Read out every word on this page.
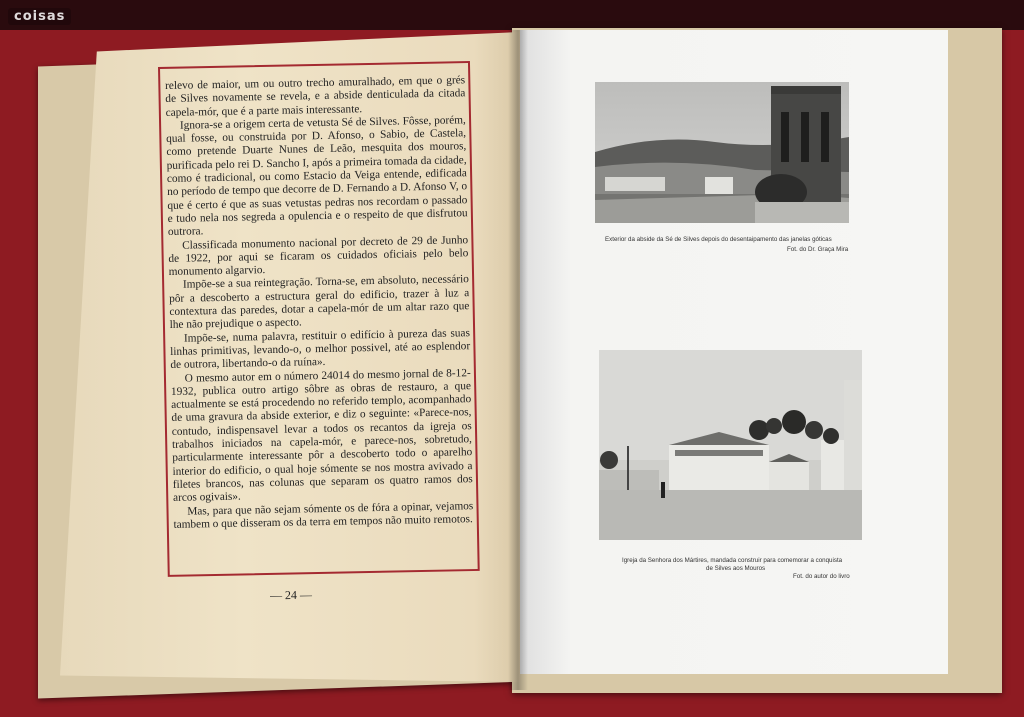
coisas

relevo de maior, um ou outro trecho amuralhado, em que o grés de Silves novamente se revela, e a abside denticulada da citada capela-mór, que é a parte mais interessante.

Ignora-se a origem certa de vetusta Sé de Silves. Fôsse, porém, qual fosse, ou construida por D. Afonso, o Sabio, de Castela, como pretende Duarte Nunes de Leão, mesquita dos mouros, purificada pelo rei D. Sancho I, após a primeira tomada da cidade, como é tradicional, ou como Estacio da Veiga entende, edificada no período de tempo que decorre de D. Fernando a D. Afonso V, o que é certo é que as suas vetustas pedras nos recordam o passado e tudo nela nos segreda a opulencia e o respeito de que disfrutou outrora.

Classificada monumento nacional por decreto de 29 de Junho de 1922, por aqui se ficaram os cuidados oficiais pelo belo monumento algarvio.

Impõe-se a sua reintegração. Torna-se, em absoluto, necessário pôr a descoberto a estructura geral do edificio, trazer à luz a contextura das paredes, dotar a capela-mór de um altar razo que lhe não prejudique o aspecto.

Impõe-se, numa palavra, restituir o edifício à pureza das suas linhas primitivas, levando-o, o melhor possivel, até ao esplendor de outrora, libertando-o da ruína».

O mesmo autor em o número 24014 do mesmo jornal de 8-12-1932, publica outro artigo sôbre as obras de restauro, a que actualmente se está procedendo no referido templo, acompanhado de uma gravura da abside exterior, e diz o seguinte: «Parece-nos, contudo, indispensavel levar a todos os recantos da igreja os trabalhos iniciados na capela-mór, e parece-nos, sobretudo, particularmente interessante pôr a descoberto todo o aparelho interior do edificio, o qual hoje sómente se nos mostra avivado a filetes brancos, nas colunas que separam os quatro ramos dos arcos ogivais».

Mas, para que não sejam sómente os de fóra a opinar, vejamos tambem o que disseram os da terra em tempos não muito remotos.

— 24 —
Exterior da abside da Sé de Silves depois do desentaipamento das janelas góticas
Fot. do Dr. Graça Mira
Igreja da Senhora dos Mártires, mandada construir para comemorar a conquista
de Silves aos Mouros
Fot. do autor do livro
